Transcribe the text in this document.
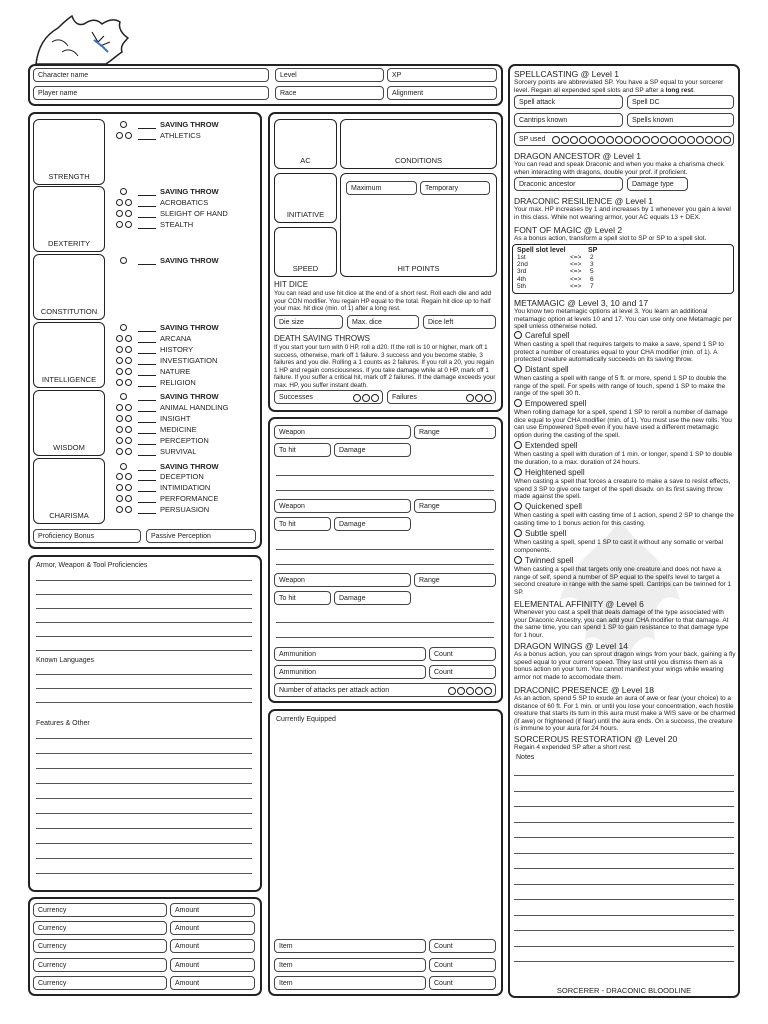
Character name
Player name
Level	XP
Race	Alignment
STRENGTH
SAVING THROW
ATHLETICS
DEXTERITY
SAVING THROW
ACROBATICS
SLEIGHT OF HAND
STEALTH
CONSTITUTION
SAVING THROW
INTELLIGENCE
SAVING THROW
ARCANA
HISTORY
INVESTIGATION
NATURE
RELIGION
WISDOM
SAVING THROW
ANIMAL HANDLING
INSIGHT
MEDICINE
PERCEPTION
SURVIVAL
CHARISMA
SAVING THROW
DECEPTION
INTIMIDATION
PERFORMANCE
PERSUASION
Proficiency Bonus	Passive Perception
AC	CONDITIONS
INITIATIVE
SPEED	HIT POINTS
Maximum	Temporary
HIT DICE
You can read and use hit dice at the end of a short rest. Roll each die and add your CON modifier. You regain HP equal to the total. Regain hit dice up to half your max. hit dice (min. of 1) after a long rest.
Die size	Max. dice	Dice left
DEATH SAVING THROWS
If you start your turn with 0 HP, roll a d20. If the roll is 10 or higher, mark off 1 success, otherwise, mark off 1 failure. 3 success and you become stable, 3 failures and you die. Rolling a 1 counts as 2 failures. If you roll a 20, you regain 1 HP and regain consciousness. If you take damage while at 0 HP, mark off 1 failure. If you suffer a critical hit, mark off 2 failures. If the damage exceeds your max. HP, you suffer instant death.
Successes	Failures
Weapon	Range
To hit	Damage
Weapon	Range
To hit	Damage
Weapon	Range
To hit	Damage
Ammunition	Count
Ammunition	Count
Number of attacks per attack action
Armor, Weapon & Tool Proficiencies
Known Languages
Features & Other
Currently Equipped
Currency	Amount
Currency	Amount
Currency	Amount
Currency	Amount
Currency	Amount
Item	Count
Item	Count
Item	Count
SPELLCASTING @ Level 1
Sorcery points are abbreviated SP. You have a SP equal to your sorcerer level. Regain all expended spell slots and SP after a long rest.
Spell attack	Spell DC
Cantrips known	Spells known
SP used
DRAGON ANCESTOR @ Level 1
You can read and speak Draconic and when you make a charisma check when interacting with dragons, double your prof. if proficient.
Draconic ancestor	Damage type
DRACONIC RESILIENCE @ Level 1
Your max. HP increases by 1 and increases by 1 whenever you gain a level in this class. While not wearing armor, your AC equals 13 + DEX.
FONT OF MAGIC @ Level 2
As a bonus action, transform a spell slot to SP or SP to a spell slot.
Spell slot level	SP
1st	<=> 2
2nd	<=> 3
3rd	<=> 5
4th	<=> 6
5th	<=> 7
METAMAGIC @ Level 3, 10 and 17
You know two metamagic options at level 3. You learn an additional metamagic option at levels 10 and 17. You can use only one Metamagic per spell unless otherwise noted.
Careful spell
When casting a spell that requires targets to make a save, spend 1 SP to protect a number of creatures equal to your CHA modifier (min. of 1). A protected creature automatically succeeds on its saving throw.
Distant spell
When casting a spell with range of 5 ft. or more, spend 1 SP to double the range of the spell. For spells with range of touch, spend 1 SP to make the range of the spell 30 ft.
Empowered spell
When rolling damage for a spell, spend 1 SP to reroll a number of damage dice equal to your CHA modifier (min. of 1). You must use the new rolls. You can use Empowered Spell even if you have used a different metamagic option during the casting of the spell.
Extended spell
When casting a spell with duration of 1 min. or longer, spend 1 SP to double the duration, to a max. duration of 24 hours.
Heightened spell
When casting a spell that forces a creature to make a save to resist effects, spend 3 SP to give one target of the spell disadv. on its first saving throw made against the spell.
Quickened spell
When casting a spell with casting time of 1 action, spend 2 SP to change the casting time to 1 bonus action for this casting.
Subtle spell
When casting a spell, spend 1 SP to cast it without any somatic or verbal components.
Twinned spell
When casting a spell that targets only one creature and does not have a range of self, spend a number of SP equal to the spell's level to target a second creature in range with the same spell. Cantrips can be twinned for 1 SP.
ELEMENTAL AFFINITY @ Level 6
Whenever you cast a spell that deals damage of the type associated with your Draconic Ancestry, you can add your CHA modifier to that damage. At the same time, you can spend 1 SP to gain resistance to that damage type for 1 hour.
DRAGON WINGS @ Level 14
As a bonus action, you can sprout dragon wings from your back, gaining a fly speed equal to your current speed. They last until you dismiss them as a bonus action on your turn. You cannot manifest your wings while wearing armor not made to accomodate them.
DRACONIC PRESENCE @ Level 18
As an action, spend 5 SP to exude an aura of awe or fear (your choice) to a distance of 60 ft. For 1 min. or until you lose your concentration, each hostile creature that starts its turn in this aura must make a WIS save or be charmed (if awe) or frightened (if fear) until the aura ends. On a success, the creature is immune to your aura for 24 hours.
SORCEROUS RESTORATION @ Level 20
Regain 4 expended SP after a short rest.
Notes
SORCERER - DRACONIC BLOODLINE
